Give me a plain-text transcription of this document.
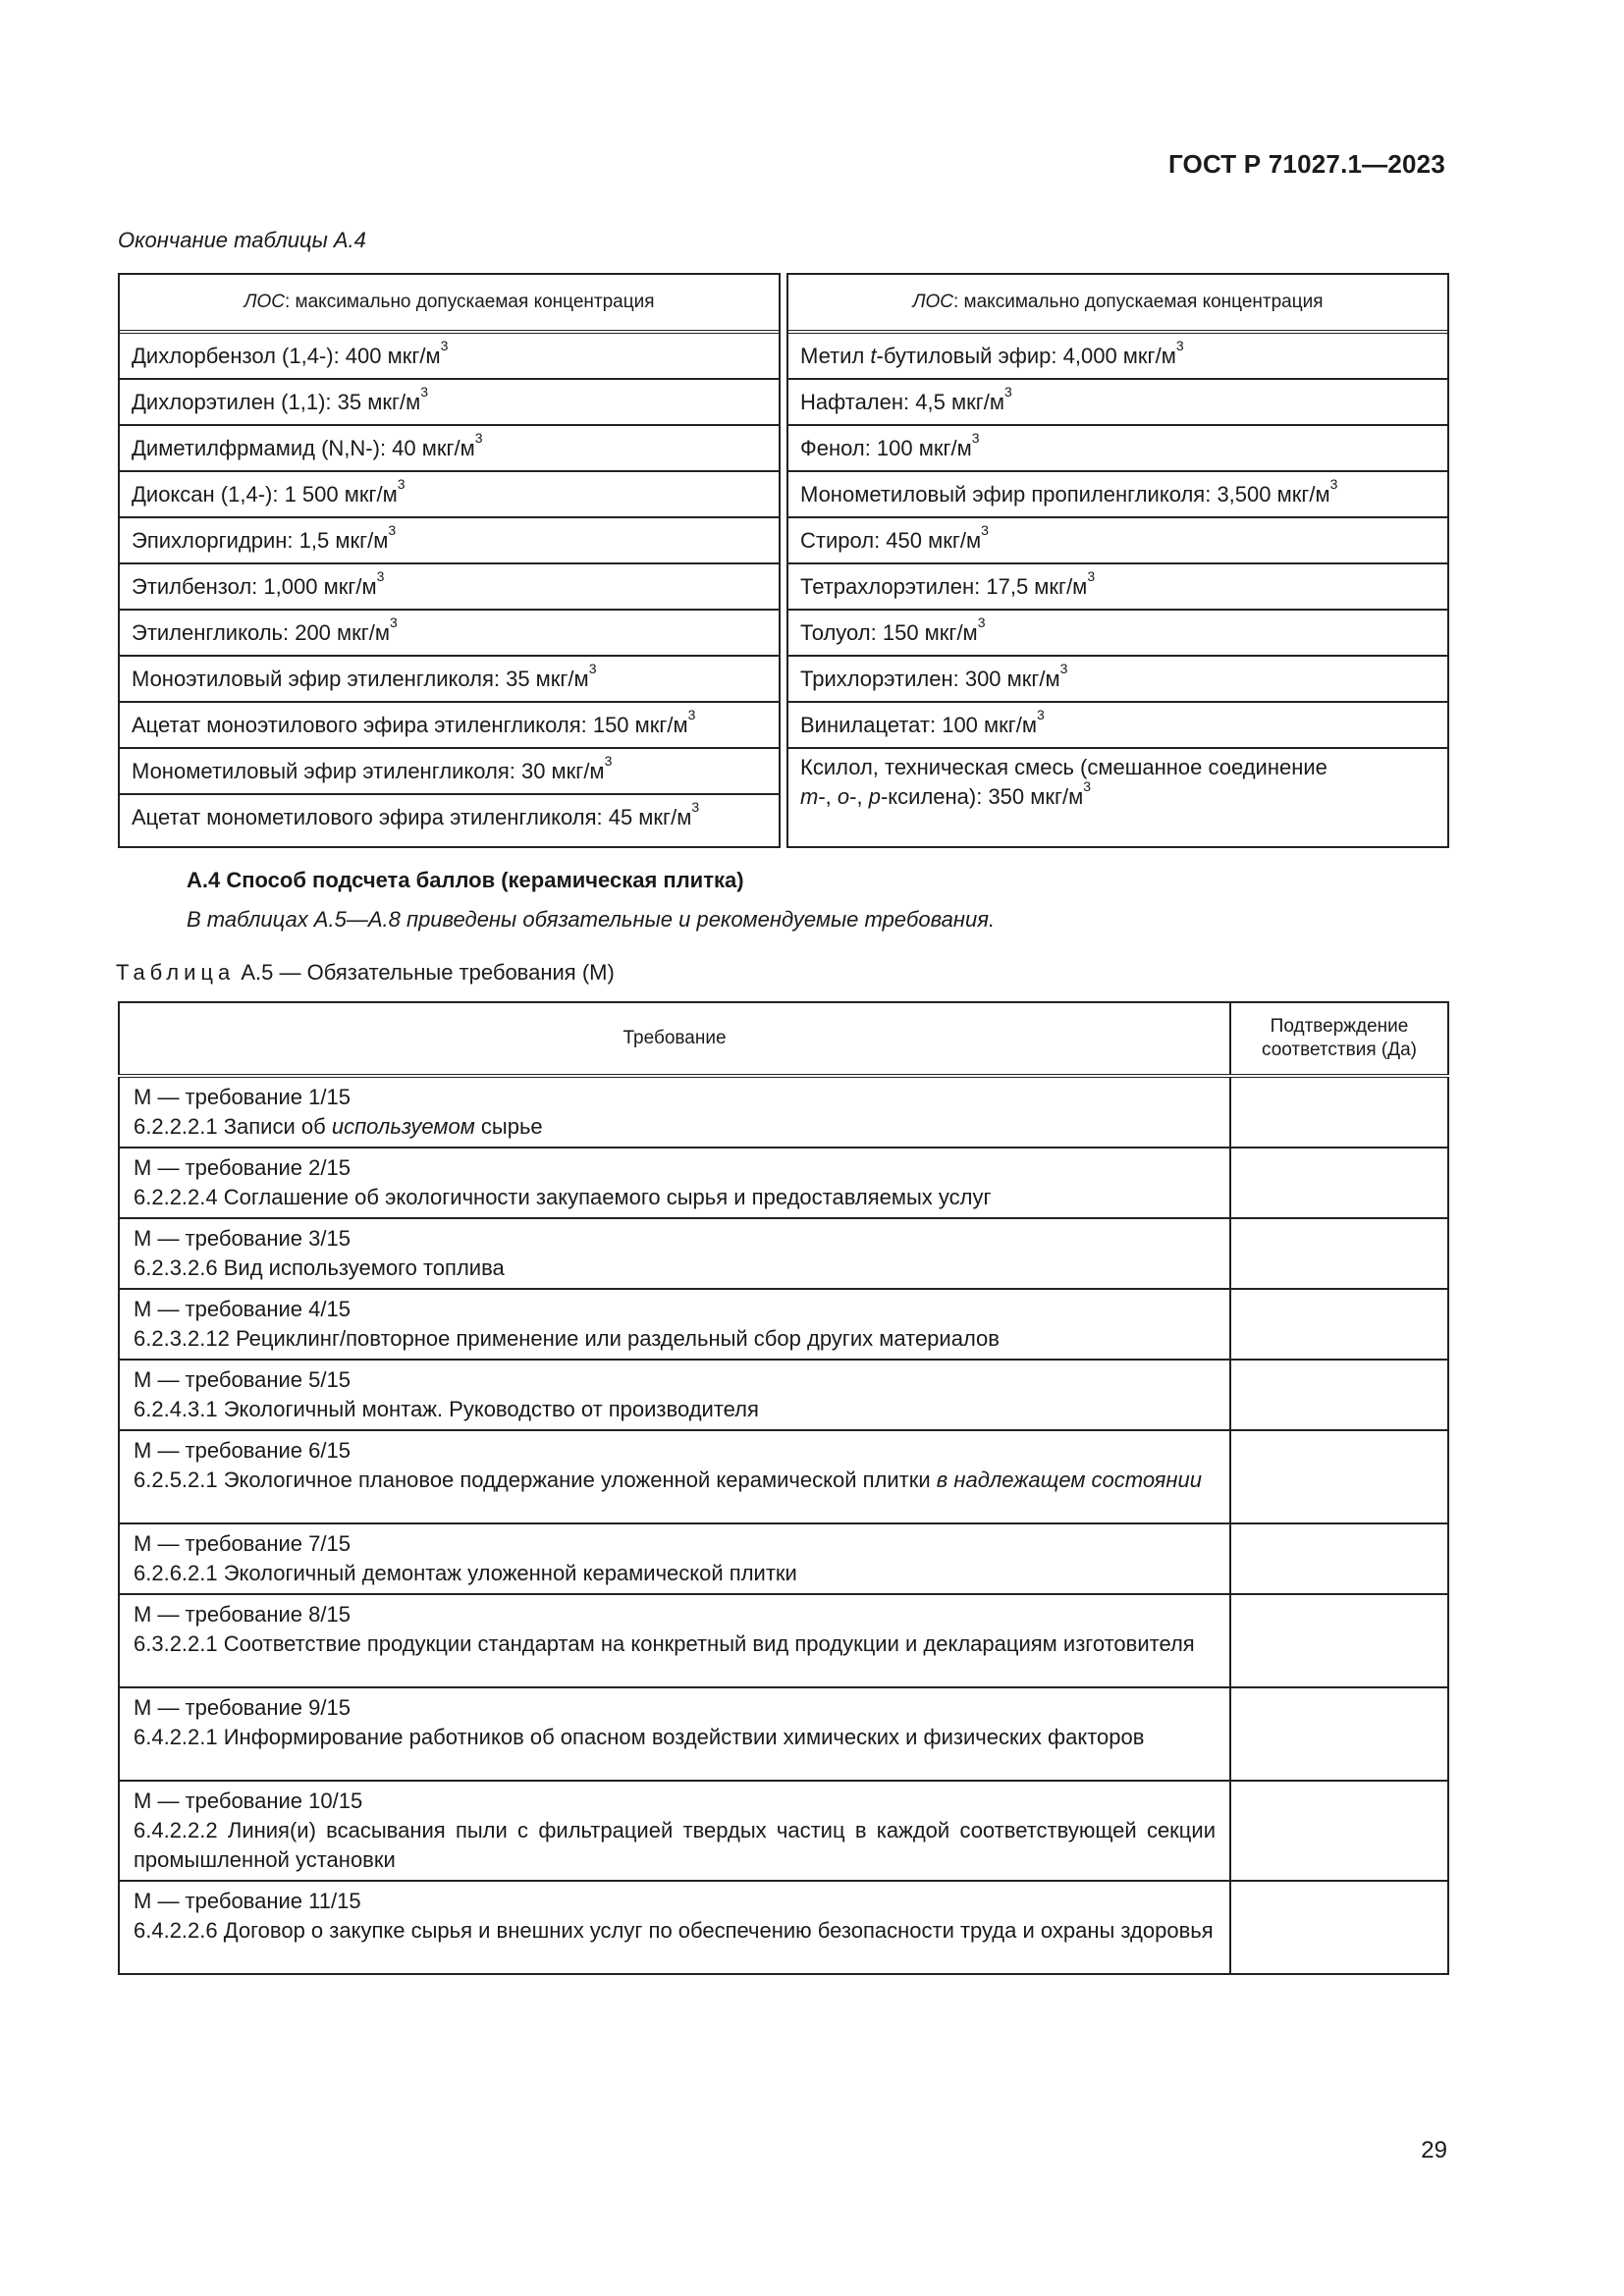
ГОСТ Р 71027.1—2023
Окончание таблицы А.4
ЛОС: максимально допускаемая концентрация
Дихлорбензол (1,4-): 400 мкг/$м^3$
Дихлорэтилен (1,1): 35 мкг/$м^3$
Диметилфрмамид (N,N-): 40 мкг/$м^3$
Диоксан (1,4-): 1 500 мкг/$м^3$
Эпихлоргидрин: 1,5 мкг/$м^3$
Этилбензол: 1,000 мкг/$м^3$
Этиленгликоль: 200 мкг/$м^3$
Моноэтиловый эфир этиленгликоля: 35 мкг/$м^3$
Ацетат моноэтилового эфира этиленгликоля: 150 мкг/$м^3$
Монометиловый эфир этиленгликоля: 30 мкг/$м^3$
Ацетат монометилового эфира этиленгликоля: 45 мкг/$м^3$
ЛОС: максимально допускаемая концентрация
Метил t-бутиловый эфир: 4,000 мкг/$м^3$
Нафтален: 4,5 мкг/$м^3$
Фенол: 100 мкг/$м^3$
Монометиловый эфир пропиленгликоля: 3,500 мкг/$м^3$
Стирол: 450 мкг/$м^3$
Тетрахлорэтилен: 17,5 мкг/$м^3$
Толуол: 150 мкг/$м^3$
Трихлорэтилен: 300 мкг/$м^3$
Винилацетат: 100 мкг/$м^3$

Ксилол, техническая смесь (смешанное соединение
m-, o-, p-ксилена): 350 мкг/$м^3$
А.4 Способ подсчета баллов (керамическая плитка)
В таблицах А.5—А.8 приведены обязательные и рекомендуемые требования.
Таблица А.5 — Обязательные требования (М)
Требование	Подтверждение
соответствия (Да)

М — требование 1/15
6.2.2.2.1 Записи об используемом сырье	

М — требование 2/15
6.2.2.2.4 Соглашение об экологичности закупаемого сырья и предоставляемых услуг	

М — требование 3/15
6.2.3.2.6 Вид используемого топлива	

М — требование 4/15
6.2.3.2.12 Рециклинг/повторное применение или раздельный сбор других материалов	

М — требование 5/15
6.2.4.3.1 Экологичный монтаж. Руководство от производителя	

М — требование 6/15
6.2.5.2.1 Экологичное плановое поддержание уложенной керамической плитки в надлежащем состоянии	

М — требование 7/15
6.2.6.2.1 Экологичный демонтаж уложенной керамической плитки	

М — требование 8/15
6.3.2.2.1 Соответствие продукции стандартам на конкретный вид продукции и декларациям изготовителя	

М — требование 9/15
6.4.2.2.1 Информирование работников об опасном воздействии химических и физических факторов	

М — требование 10/15
6.4.2.2.2 Линия(и) всасывания пыли с фильтрацией твердых частиц в каждой соответствующей секции промышленной установки	

М — требование 11/15
6.4.2.2.6 Договор о закупке сырья и внешних услуг по обеспечению безопасности труда и охраны здоровья	
29
